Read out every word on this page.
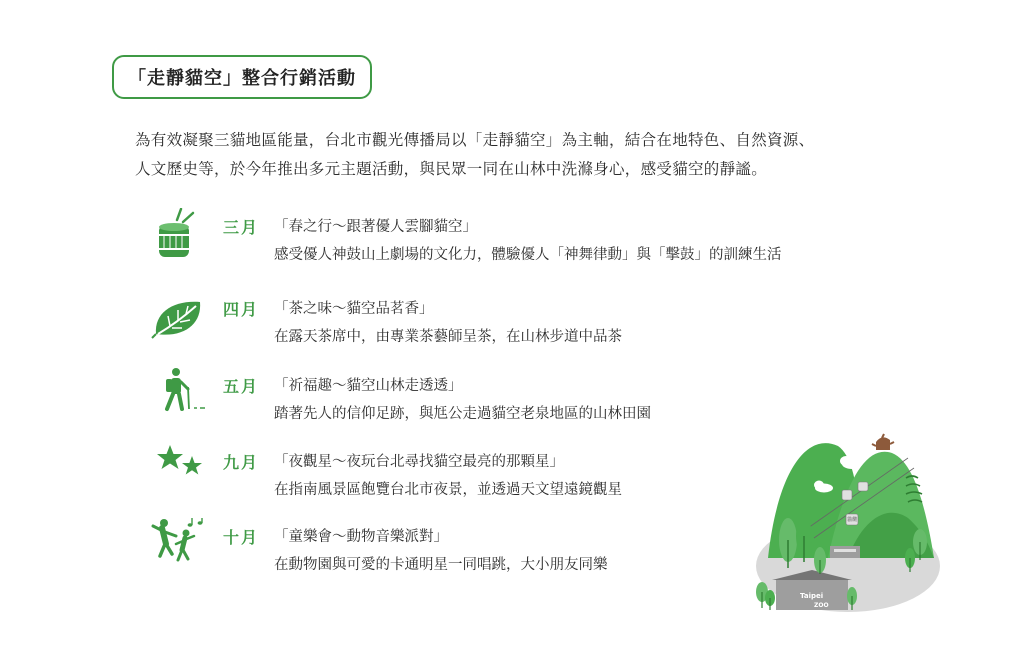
「走靜貓空」整合行銷活動
為有效凝聚三貓地區能量，台北市觀光傳播局以「走靜貓空」為主軸，結合在地特色、自然資源、
人文歷史等，於今年推出多元主題活動，與民眾一同在山林中洗滌身心，感受貓空的靜謐。
三月 「春之行～跟著優人雲腳貓空」
感受優人神鼓山上劇場的文化力，體驗優人「神舞律動」與「擊鼓」的訓練生活
四月 「茶之味～貓空品茗香」
在露天茶席中，由專業茶藝師呈茶，在山林步道中品茶
五月 「祈福趣～貓空山林走透透」
踏著先人的信仰足跡，與尪公走過貓空老泉地區的山林田園
九月 「夜觀星～夜玩台北尋找貓空最亮的那顆星」
在指南風景區飽覽台北市夜景，並透過天文望遠鏡觀星
十月 「童樂會～動物音樂派對」
在動物園與可愛的卡通明星一同唱跳，大小朋友同樂
貓纜
Taipei
ZOO
